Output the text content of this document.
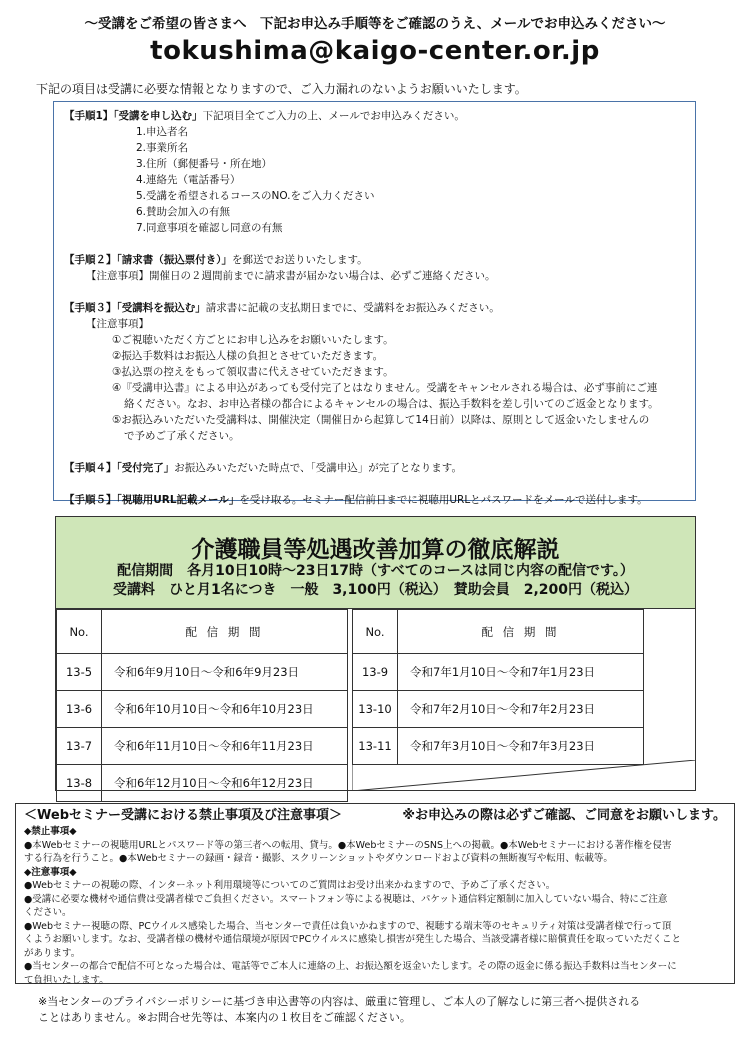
～受講をご希望の皆さまへ　下記お申込み手順等をご確認のうえ、メールでお申込みください～
tokushima@kaigo-center.or.jp
下記の項目は受講に必要な情報となりますので、ご入力漏れのないようお願いいたします。
【手順1】「受講を申し込む」下記項目全てご入力の上、メールでお申込みください。
1.申込者名
2.事業所名
3.住所（郵便番号・所在地）
4.連絡先（電話番号）
5.受講を希望されるコースのNO.をご入力ください
6.賛助会加入の有無
7.同意事項を確認し同意の有無
【手順２】「請求書（振込票付き）」を郵送でお送りいたします。
【注意事項】開催日の２週間前までに請求書が届かない場合は、必ずご連絡ください。
【手順３】「受講料を振込む」請求書に記載の支払期日までに、受講料をお振込みください。
【注意事項】
①ご視聴いただく方ごとにお申し込みをお願いいたします。
②振込手数料はお振込人様の負担とさせていただきます。
③払込票の控えをもって領収書に代えさせていただきます。
④『受講申込書』による申込があっても受付完了とはなりません。受講をキャンセルされる場合は、必ず事前にご連
絡ください。なお、お申込者様の都合によるキャンセルの場合は、振込手数料を差し引いてのご返金となります。
⑤お振込みいただいた受講料は、開催決定（開催日から起算して14日前）以降は、原則として返金いたしませんの
で予めご了承ください。
【手順４】「受付完了」お振込みいただいた時点で、「受講申込」が完了となります。
【手順５】「視聴用URL記載メール」を受け取る。セミナー配信前日までに視聴用URLとパスワードをメールで送付します。
介護職員等処遇改善加算の徹底解説
配信期間　各月10日10時～23日17時（すべてのコースは同じ内容の配信です。）
受講料　ひと月1名につき　一般　3,100円（税込）　賛助会員　2,200円（税込）
No.	配 信 期 間
13-5	令和6年9月10日～令和6年9月23日
13-6	令和6年10月10日～令和6年10月23日
13-7	令和6年11月10日～令和6年11月23日
13-8	令和6年12月10日～令和6年12月23日
No.	配 信 期 間
13-9	令和7年1月10日～令和7年1月23日
13-10	令和7年2月10日～令和7年2月23日
13-11	令和7年3月10日～令和7年3月23日
＜Webセミナー受講における禁止事項及び注意事項＞	※お申込みの際は必ずご確認、ご同意をお願いします。
◆禁止事項◆
●本Webセミナーの視聴用URLとパスワード等の第三者への転用、貸与。●本WebセミナーのSNS上への掲載。●本Webセミナーにおける著作権を侵害
する行為を行うこと。●本Webセミナーの録画・録音・撮影、スクリーンショットやダウンロードおよび資料の無断複写や転用、転載等。
◆注意事項◆
●Webセミナーの視聴の際、インターネット利用環境等についてのご質問はお受け出来かねますので、予めご了承ください。
●受講に必要な機材や通信費は受講者様でご負担ください。スマートフォン等による視聴は、パケット通信料定額制に加入していない場合、特にご注意
ください。
●Webセミナー視聴の際、PCウイルス感染した場合、当センターで責任は負いかねますので、視聴する端末等のセキュリティ対策は受講者様で行って頂
くようお願いします。なお、受講者様の機材や通信環境が原因でPCウイルスに感染し損害が発生した場合、当該受講者様に賠償責任を取っていただくこと
があります。
●当センターの都合で配信不可となった場合は、電話等でご本人に連絡の上、お振込額を返金いたします。その際の返金に係る振込手数料は当センターに
て負担いたします。
※当センターのプライバシーポリシーに基づき申込書等の内容は、厳重に管理し、ご本人の了解なしに第三者へ提供される
ことはありません。※お問合せ先等は、本案内の１枚目をご確認ください。
